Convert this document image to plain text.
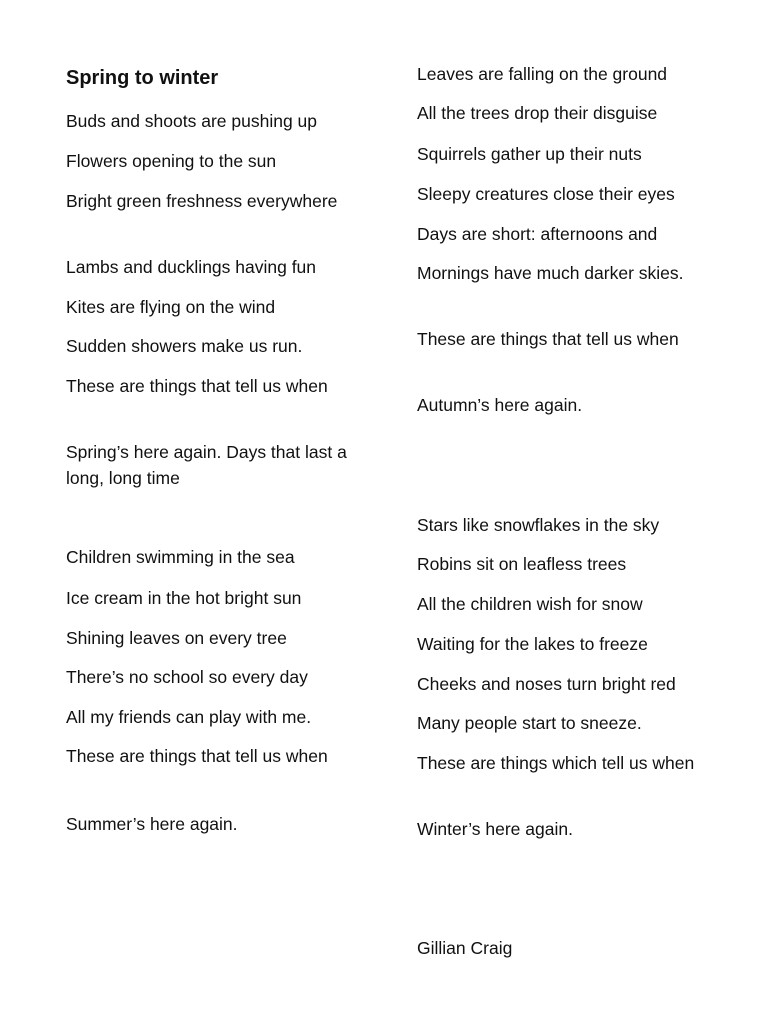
Spring to winter

Buds and shoots are pushing up

Flowers opening to the sun

Bright green freshness everywhere

Lambs and ducklings having fun

Kites are flying on the wind

Sudden showers make us run.

These are things that tell us when

Spring’s here again. Days that last a long, long time

Children swimming in the sea

Ice cream in the hot bright sun

Shining leaves on every tree

There’s no school so every day

All my friends can play with me.

These are things that tell us when

Summer’s here again.

Leaves are falling on the ground

All the trees drop their disguise

Squirrels gather up their nuts

Sleepy creatures close their eyes

Days are short: afternoons and

Mornings have much darker skies.

These are things that tell us when

Autumn’s here again.

Stars like snowflakes in the sky

Robins sit on leafless trees

All the children wish for snow

Waiting for the lakes to freeze

Cheeks and noses turn bright red

Many people start to sneeze.

These are things which tell us when

Winter’s here again.

Gillian Craig
